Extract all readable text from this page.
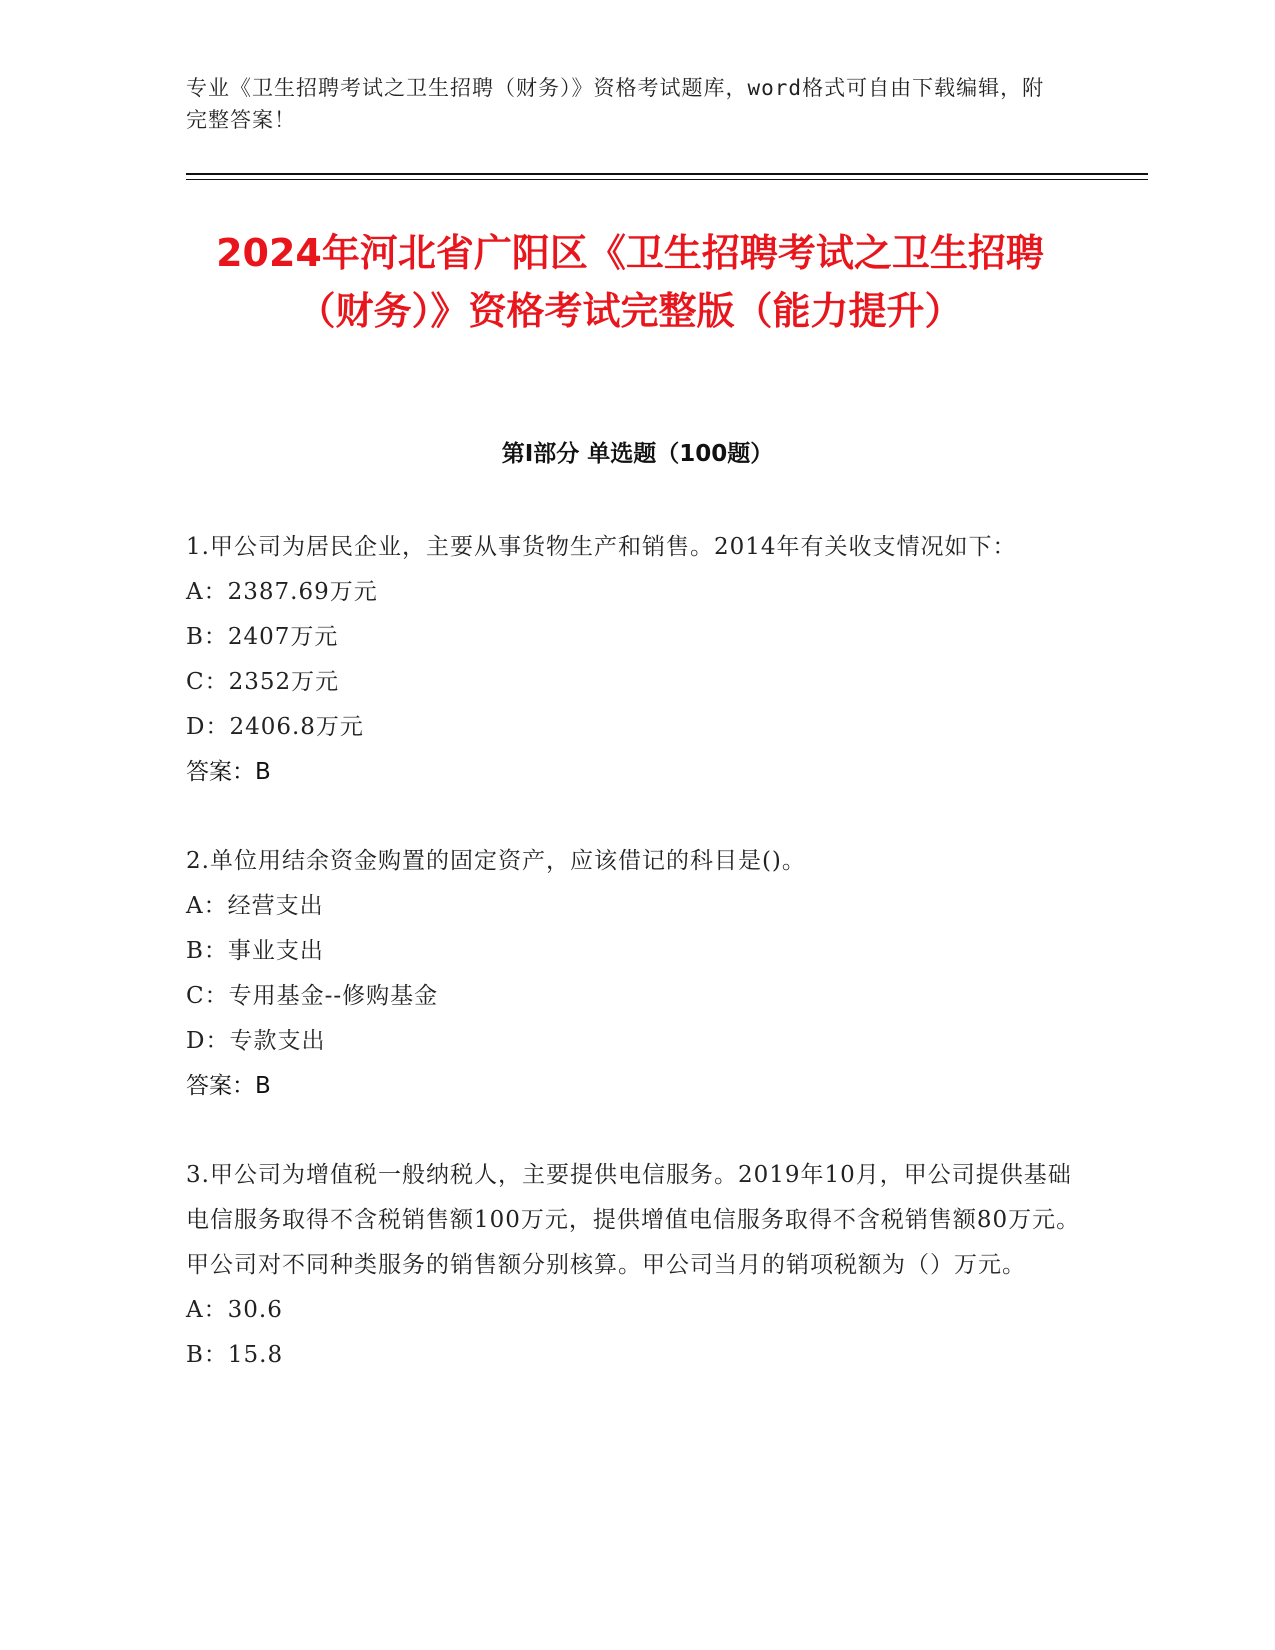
专业《卫生招聘考试之卫生招聘（财务）》资格考试题库，word格式可自由下载编辑，附完整答案！
2024年河北省广阳区《卫生招聘考试之卫生招聘（财务）》资格考试完整版（能力提升）
第I部分 单选题（100题）
1.甲公司为居民企业，主要从事货物生产和销售。2014年有关收支情况如下：
A：2387.69万元
B：2407万元
C：2352万元
D：2406.8万元
答案：B
2.单位用结余资金购置的固定资产，应该借记的科目是()。
A：经营支出
B：事业支出
C：专用基金--修购基金
D：专款支出
答案：B
3.甲公司为增值税一般纳税人，主要提供电信服务。2019年10月，甲公司提供基础电信服务取得不含税销售额100万元，提供增值电信服务取得不含税销售额80万元。甲公司对不同种类服务的销售额分别核算。甲公司当月的销项税额为（）万元。
A：30.6
B：15.8
